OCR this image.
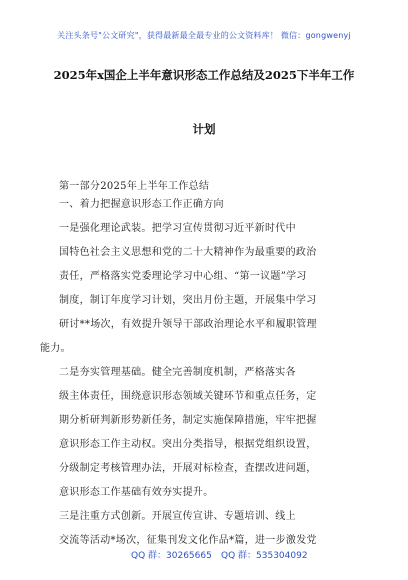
关注头条号"公文研究"，获得最新最全最专业的公文资料库！ 微信：gongwenyj
2025年x国企上半年意识形态工作总结及2025下半年工作
计划
第一部分2025年上半年工作总结
一、着力把握意识形态工作正确方向
一是强化理论武装。把学习宣传贯彻习近平新时代中
国特色社会主义思想和党的二十大精神作为最重要的政治
责任，严格落实党委理论学习中心组、“第一议题”学习
制度，制订年度学习计划，突出月份主题，开展集中学习
研讨**场次，有效提升领导干部政治理论水平和履职管理
能力。
二是夯实管理基础。健全完善制度机制，严格落实各
级主体责任，围绕意识形态领域关键环节和重点任务，定
期分析研判新形势新任务，制定实施保障措施，牢牢把握
意识形态工作主动权。突出分类指导，根据党组织设置，
分级制定考核管理办法，开展对标检查，査摆改进问题，
意识形态工作基础有效夯实提升。
三是注重方式创新。开展宣传宣讲、专题培训、线上
交流等活动*场次，征集刊发文化作品*篇，进一步激发党
QQ 群：30265665 QQ 群：535304092
